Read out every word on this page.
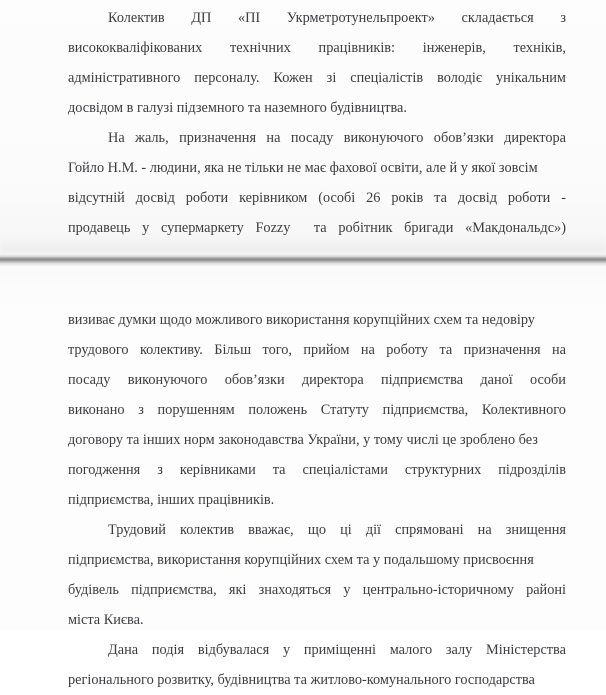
Колектив ДП «ПІ Укрметротунельпроект» складається з
висококваліфікованих технічних працівників: інженерів, техніків,
адміністративного персоналу. Кожен зі спеціалістів володіє унікальним
досвідом в галузі підземного та наземного будівництва.
На жаль, призначення на посаду виконуючого обов’язки директора
Гойло Н.М. - людини, яка не тільки не має фахової освіти, але й у якої зовсім
відсутній досвід роботи керівником (особі 26 років та досвід роботи -
продавець у супермаркету Fozzy та робітник бригади «Макдональдс»)
визиває думки щодо можливого використання корупційних схем та недовіру
трудового колективу. Більш того, прийом на роботу та призначення на
посаду виконуючого обов’язки директора підприємства даної особи
виконано з порушенням положень Статуту підприємства, Колективного
договору та інших норм законодавства України, у тому числі це зроблено без
погодження з керівниками та спеціалістами структурних підрозділів
підприємства, інших працівників.
Трудовий колектив вважає, що ці дії спрямовані на знищення
підприємства, використання корупційних схем та у подальшому присвоєння
будівель підприємства, які знаходяться у центрально-історичному районі
міста Києва.
Дана подія відбувалася у приміщенні малого залу Міністерства
регіонального розвитку, будівництва та житлово-комунального господарства
